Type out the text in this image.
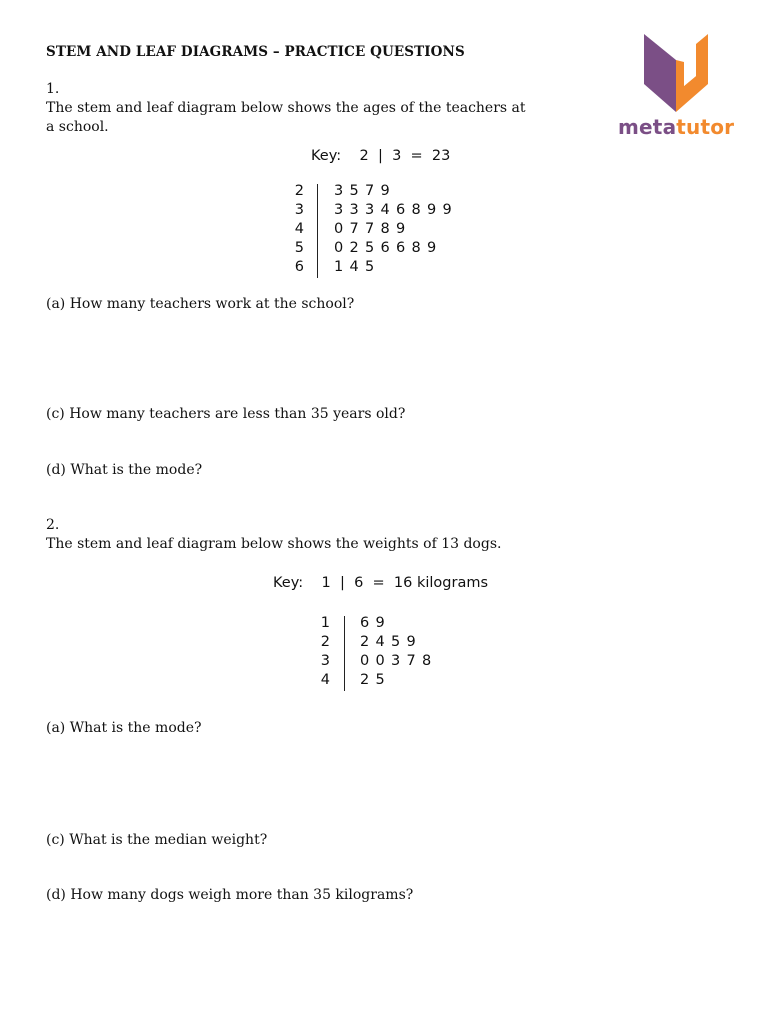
STEM AND LEAF DIAGRAMS – PRACTICE QUESTIONS
metatutor
1.
The stem and leaf diagram below shows the ages of the teachers at
a school.
Key:    2  |  3  =  23
2
3
4
5
6
3 5 7 9
3 3 3 4 6 8 9 9
0 7 7 8 9
0 2 5 6 6 8 9
1 4 5
(a) How many teachers work at the school?
(c) How many teachers are less than 35 years old?
(d) What is the mode?
2.
The stem and leaf diagram below shows the weights of 13 dogs.
Key:    1  |  6  =  16 kilograms
1
2
3
4
6 9
2 4 5 9
0 0 3 7 8
2 5
(a) What is the mode?
(c) What is the median weight?
(d) How many dogs weigh more than 35 kilograms?
